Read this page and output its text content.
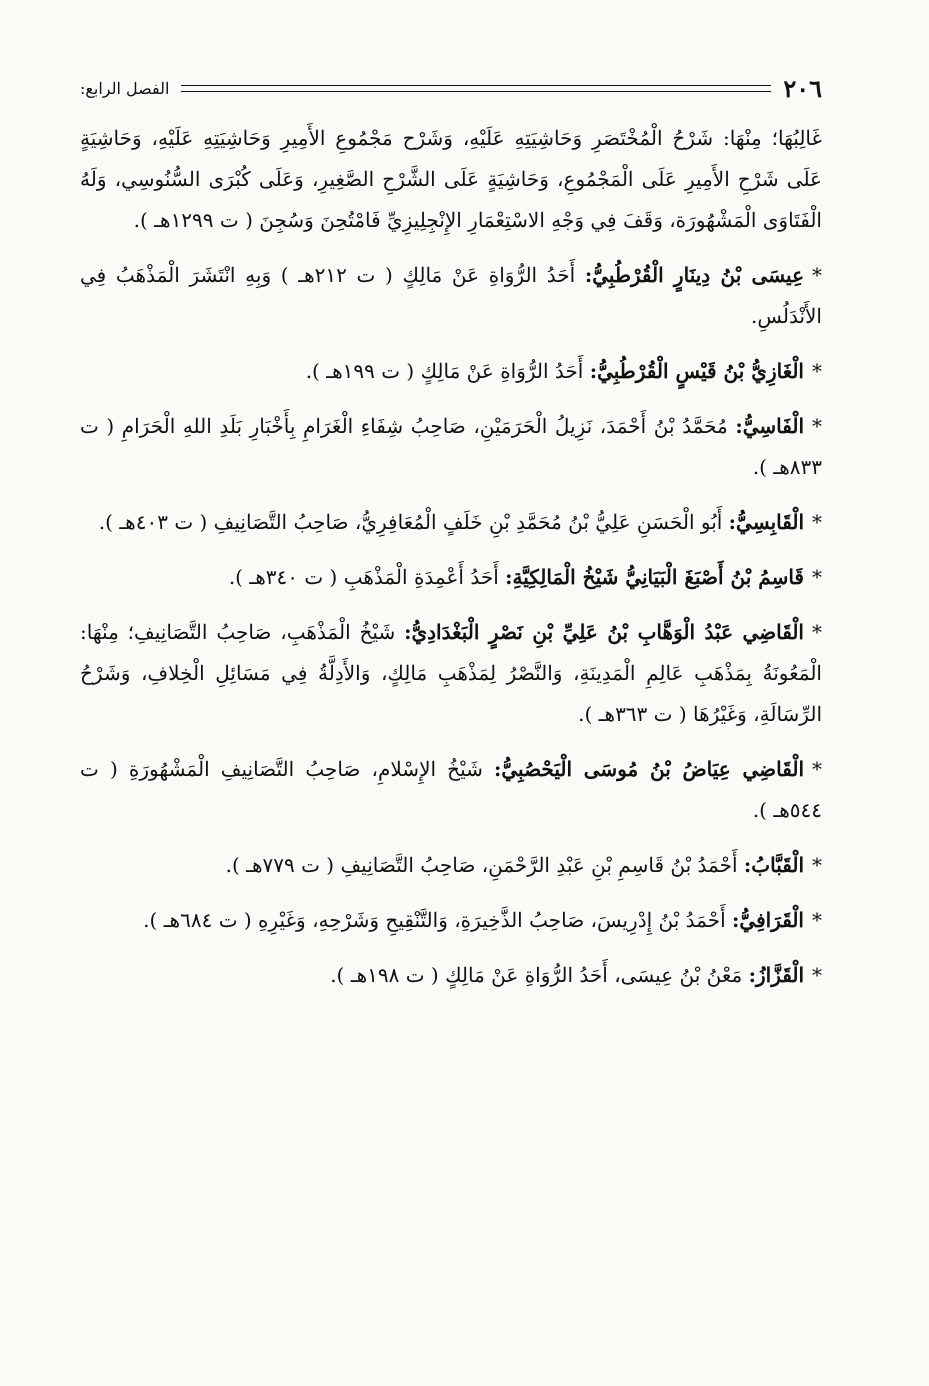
٢٠٦
الفصل الرابع:

غَالِبُهَا؛ مِنْهَا: شَرْحُ الْمُخْتَصَرِ وَحَاشِيَتِهِ عَلَيْهِ، وَشَرْح مَجْمُوعِ الأَمِيرِ وَحَاشِيَتِهِ عَلَيْهِ، وَحَاشِيَةٍ عَلَى شَرْحِ الأَمِيرِ عَلَى الْمَجْمُوعِ، وَحَاشِيَةٍ عَلَى الشَّرْحِ الصَّغِيرِ، وَعَلَى كُبْرَى السُّنُوسِي، وَلَهُ الْفَتَاوَى الْمَشْهُورَة، وَقَفَ فِي وَجْهِ الاسْتِعْمَارِ الإِنْجِلِيزِيِّ فَامْتُحِنَ وَسُجِنَ ( ت ١٢٩٩هـ ).

*عِيسَى بْنُ دِينَارٍ الْقُرْطُبِيُّ: أَحَدُ الرُّوَاةِ عَنْ مَالِكٍ ( ت ٢١٢هـ ) وَبِهِ انْتَشَرَ الْمَذْهَبُ فِي الأَنْدَلُسِ.

*الْغَازِيُّ بْنُ قَيْسٍ الْقُرْطُبِيُّ: أَحَدُ الرُّوَاةِ عَنْ مَالِكٍ ( ت ١٩٩هـ ).

*الْفَاسِيُّ: مُحَمَّدُ بْنُ أَحْمَدَ، نَزِيلُ الْحَرَمَيْنِ، صَاحِبُ شِفَاءِ الْغَرَامِ بِأَخْبَارِ بَلَدِ اللهِ الْحَرَامِ ( ت ٨٣٣هـ ).

*الْقَابِسِيُّ: أَبُو الْحَسَنِ عَلِيُّ بْنُ مُحَمَّدِ بْنِ خَلَفٍ الْمُعَافِرِيُّ، صَاحِبُ التَّصَانِيفِ ( ت ٤٠٣هـ ).

*قَاسِمُ بْنُ أَصْبَغَ الْبَيَانِيُّ شَيْخُ الْمَالِكِيَّةِ: أَحَدُ أَعْمِدَةِ الْمَذْهَبِ ( ت ٣٤٠هـ ).

*الْقَاضِي عَبْدُ الْوَهَّابِ بْنُ عَلِيِّ بْنِ نَصْرٍ الْبَغْدَادِيُّ: شَيْخُ الْمَذْهَبِ، صَاحِبُ التَّصَانِيفِ؛ مِنْهَا: الْمَعُونَةُ بِمَذْهَبِ عَالِمِ الْمَدِينَةِ، وَالنَّصْرُ لِمَذْهَبِ مَالِكٍ، وَالأَدِلَّةُ فِي مَسَائِلِ الْخِلافِ، وَشَرْحُ الرِّسَالَةِ، وَغَيْرُهَا ( ت ٣٦٣هـ ).

*الْقَاضِي عِيَاضُ بْنُ مُوسَى الْيَحْصُبِيُّ: شَيْخُ الإِسْلامِ، صَاحِبُ التَّصَانِيفِ الْمَشْهُورَةِ ( ت ٥٤٤هـ ).

*الْقَبَّابُ: أَحْمَدُ بْنُ قَاسِمِ بْنِ عَبْدِ الرَّحْمَنِ، صَاحِبُ التَّصَانِيفِ ( ت ٧٧٩هـ ).

*الْقَرَافِيُّ: أَحْمَدُ بْنُ إِدْرِيسَ، صَاحِبُ الذَّخِيرَةِ، وَالتَّنْقِيحِ وَشَرْحِهِ، وَغَيْرِهِ ( ت ٦٨٤هـ ).

*الْقَزَّازُ: مَعْنُ بْنُ عِيسَى، أَحَدُ الرُّوَاةِ عَنْ مَالِكٍ ( ت ١٩٨هـ ).
